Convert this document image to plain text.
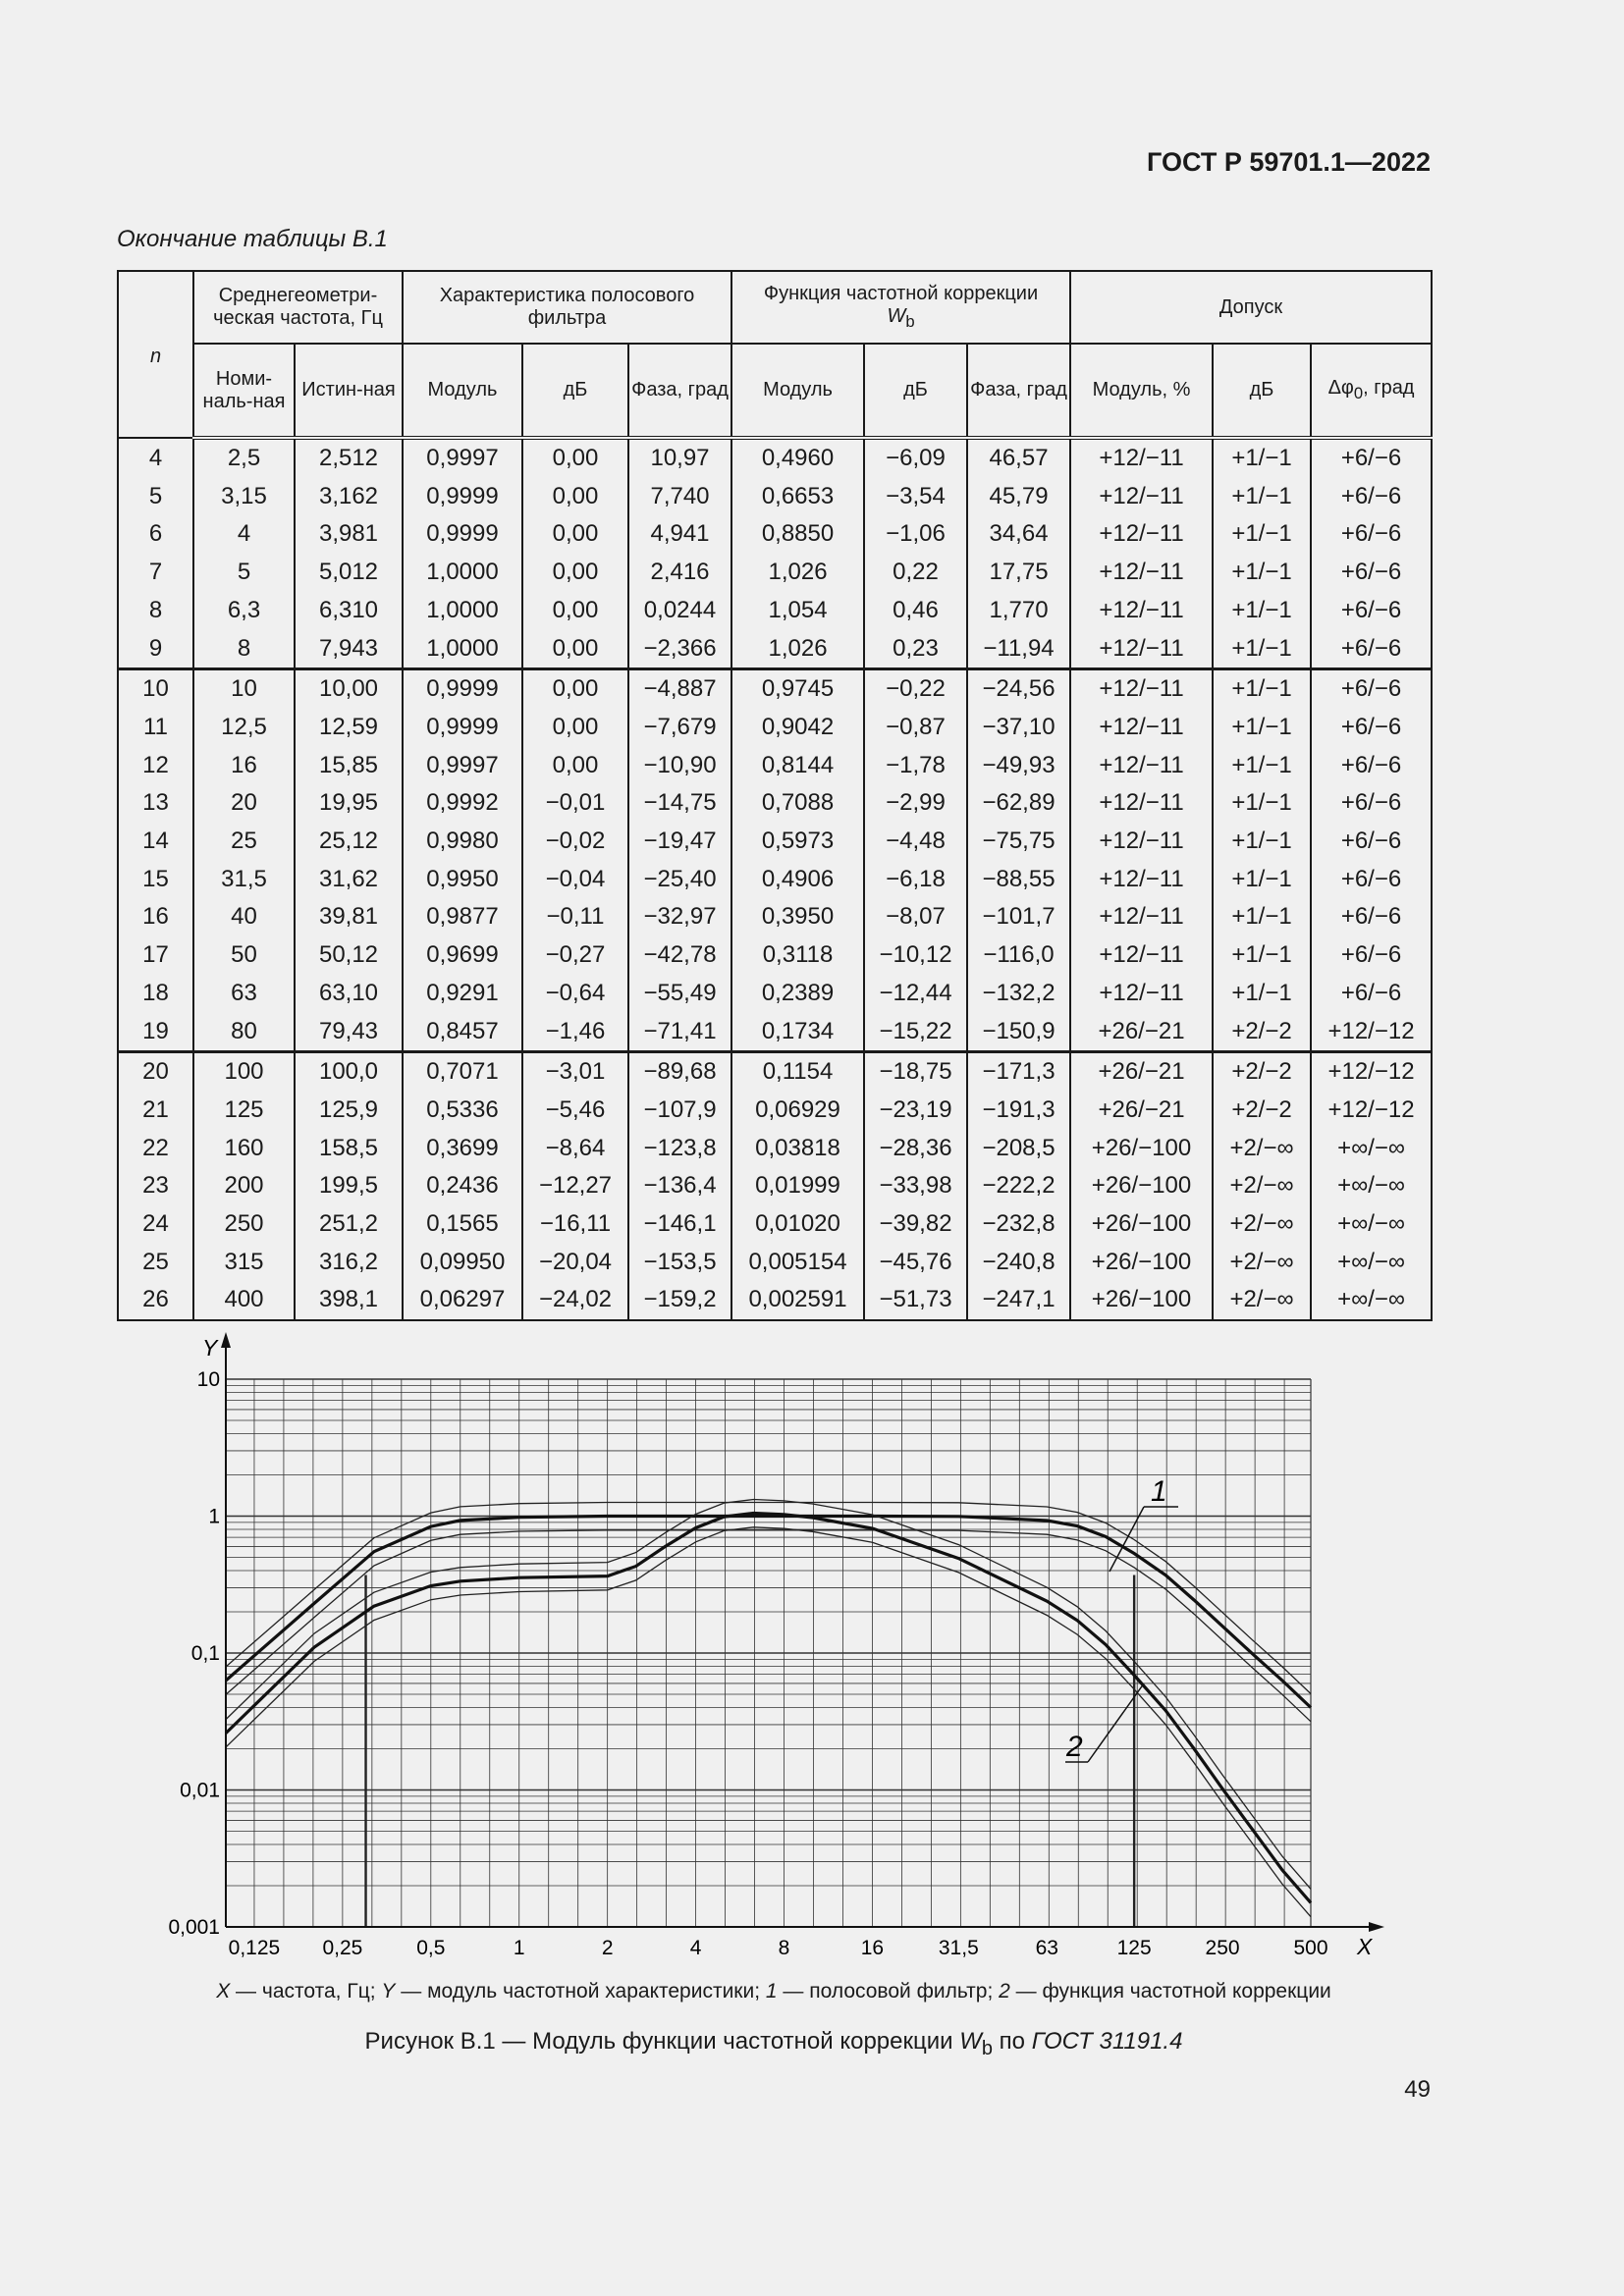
ГОСТ Р 59701.1—2022
Окончание таблицы В.1
n	Среднегеометри-ческая частота, Гц		Характеристика полосового фильтра			Функция частотной коррекции
$W_b$			Допуск		
	Номи-наль-ная	Истин-ная	Модуль	дБ	Фаза, град	Модуль	дБ	Фаза, град	Модуль, %	дБ	$\Delta\varphi_0$, град
4	2,5	2,512	0,9997	0,00	10,97	0,4960	−6,09	46,57	+12/−11	+1/−1	+6/−6
5	3,15	3,162	0,9999	0,00	7,740	0,6653	−3,54	45,79	+12/−11	+1/−1	+6/−6
6	4	3,981	0,9999	0,00	4,941	0,8850	−1,06	34,64	+12/−11	+1/−1	+6/−6
7	5	5,012	1,0000	0,00	2,416	1,026	0,22	17,75	+12/−11	+1/−1	+6/−6
8	6,3	6,310	1,0000	0,00	0,0244	1,054	0,46	1,770	+12/−11	+1/−1	+6/−6
9	8	7,943	1,0000	0,00	−2,366	1,026	0,23	−11,94	+12/−11	+1/−1	+6/−6
10	10	10,00	0,9999	0,00	−4,887	0,9745	−0,22	−24,56	+12/−11	+1/−1	+6/−6
11	12,5	12,59	0,9999	0,00	−7,679	0,9042	−0,87	−37,10	+12/−11	+1/−1	+6/−6
12	16	15,85	0,9997	0,00	−10,90	0,8144	−1,78	−49,93	+12/−11	+1/−1	+6/−6
13	20	19,95	0,9992	−0,01	−14,75	0,7088	−2,99	−62,89	+12/−11	+1/−1	+6/−6
14	25	25,12	0,9980	−0,02	−19,47	0,5973	−4,48	−75,75	+12/−11	+1/−1	+6/−6
15	31,5	31,62	0,9950	−0,04	−25,40	0,4906	−6,18	−88,55	+12/−11	+1/−1	+6/−6
16	40	39,81	0,9877	−0,11	−32,97	0,3950	−8,07	−101,7	+12/−11	+1/−1	+6/−6
17	50	50,12	0,9699	−0,27	−42,78	0,3118	−10,12	−116,0	+12/−11	+1/−1	+6/−6
18	63	63,10	0,9291	−0,64	−55,49	0,2389	−12,44	−132,2	+12/−11	+1/−1	+6/−6
19	80	79,43	0,8457	−1,46	−71,41	0,1734	−15,22	−150,9	+26/−21	+2/−2	+12/−12
20	100	100,0	0,7071	−3,01	−89,68	0,1154	−18,75	−171,3	+26/−21	+2/−2	+12/−12
21	125	125,9	0,5336	−5,46	−107,9	0,06929	−23,19	−191,3	+26/−21	+2/−2	+12/−12
22	160	158,5	0,3699	−8,64	−123,8	0,03818	−28,36	−208,5	+26/−100	+2/−∞	+∞/−∞
23	200	199,5	0,2436	−12,27	−136,4	0,01999	−33,98	−222,2	+26/−100	+2/−∞	+∞/−∞
24	250	251,2	0,1565	−16,11	−146,1	0,01020	−39,82	−232,8	+26/−100	+2/−∞	+∞/−∞
25	315	316,2	0,09950	−20,04	−153,5	0,005154	−45,76	−240,8	+26/−100	+2/−∞	+∞/−∞
26	400	398,1	0,06297	−24,02	−159,2	0,002591	−51,73	−247,1	+26/−100	+2/−∞	+∞/−∞
10
1
0,1
0,01
0,001
0,125 0,25	0,5	1	2	4	8	16	31,5	63	125	250	500
Y
X
1
2
X — частота, Гц; Y — модуль частотной характеристики; 1 — полосовой фильтр; 2 — функция частотной коррекции
Рисунок В.1 — Модуль функции частотной коррекции $W_b$ по ГОСТ 31191.4
49
